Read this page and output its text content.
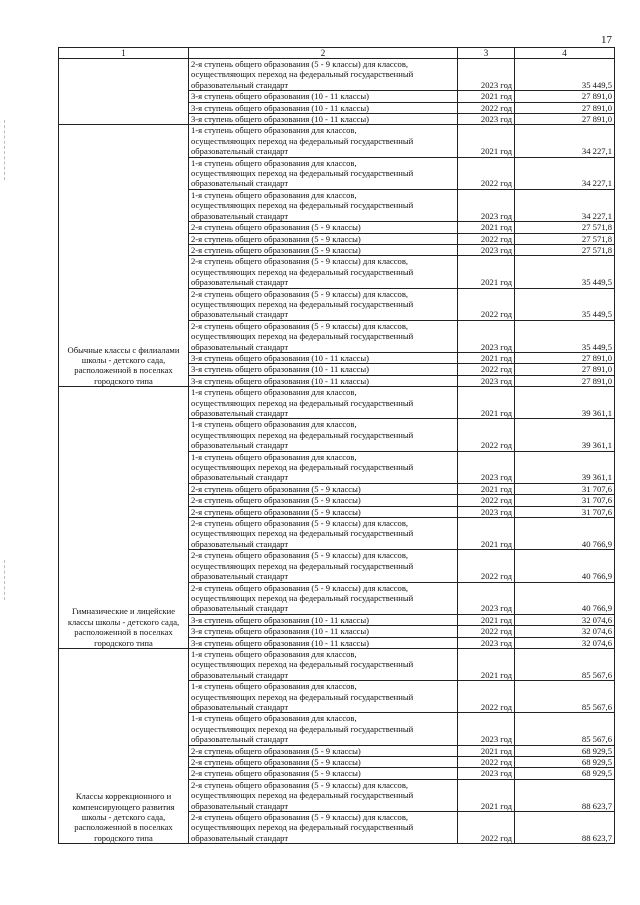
17
1	2	3	4

	2-я ступень общего образования (5 - 9 классы) для классов,
осуществляющих переход на федеральный государственный
образовательный стандарт	2023 год	35 449,5

	3-я ступень общего образования (10 - 11 классы)	2021 год	27 891,0

	3-я ступень общего образования (10 - 11 классы)	2022 год	27 891,0

	3-я ступень общего образования (10 - 11 классы)	2023 год	27 891,0
Обычные классы с филиалами школы - детского сада, расположенной в поселках городского типа	1-я ступень общего образования для классов,
осуществляющих переход на федеральный государственный
образовательный стандарт	2021 год	34 227,1

	1-я ступень общего образования для классов,
осуществляющих переход на федеральный государственный
образовательный стандарт	2022 год	34 227,1

	1-я ступень общего образования для классов,
осуществляющих переход на федеральный государственный
образовательный стандарт	2023 год	34 227,1

	2-я ступень общего образования (5 - 9 классы)	2021 год	27 571,8

	2-я ступень общего образования (5 - 9 классы)	2022 год	27 571,8

	2-я ступень общего образования (5 - 9 классы)	2023 год	27 571,8

	2-я ступень общего образования (5 - 9 классы) для классов,
осуществляющих переход на федеральный государственный
образовательный стандарт	2021 год	35 449,5

	2-я ступень общего образования (5 - 9 классы) для классов,
осуществляющих переход на федеральный государственный
образовательный стандарт	2022 год	35 449,5

	2-я ступень общего образования (5 - 9 классы) для классов,
осуществляющих переход на федеральный государственный
образовательный стандарт	2023 год	35 449,5

	3-я ступень общего образования (10 - 11 классы)	2021 год	27 891,0

	3-я ступень общего образования (10 - 11 классы)	2022 год	27 891,0

	3-я ступень общего образования (10 - 11 классы)	2023 год	27 891,0
Гимназические и лицейские классы школы - детского сада, расположенной в поселках городского типа	1-я ступень общего образования для классов,
осуществляющих переход на федеральный государственный
образовательный стандарт	2021 год	39 361,1

	1-я ступень общего образования для классов,
осуществляющих переход на федеральный государственный
образовательный стандарт	2022 год	39 361,1

	1-я ступень общего образования для классов,
осуществляющих переход на федеральный государственный
образовательный стандарт	2023 год	39 361,1

	2-я ступень общего образования (5 - 9 классы)	2021 год	31 707,6

	2-я ступень общего образования (5 - 9 классы)	2022 год	31 707,6

	2-я ступень общего образования (5 - 9 классы)	2023 год	31 707,6

	2-я ступень общего образования (5 - 9 классы) для классов,
осуществляющих переход на федеральный государственный
образовательный стандарт	2021 год	40 766,9

	2-я ступень общего образования (5 - 9 классы) для классов,
осуществляющих переход на федеральный государственный
образовательный стандарт	2022 год	40 766,9

	2-я ступень общего образования (5 - 9 классы) для классов,
осуществляющих переход на федеральный государственный
образовательный стандарт	2023 год	40 766,9

	3-я ступень общего образования (10 - 11 классы)	2021 год	32 074,6

	3-я ступень общего образования (10 - 11 классы)	2022 год	32 074,6

	3-я ступень общего образования (10 - 11 классы)	2023 год	32 074,6
Классы коррекционного и компенсирующего развития школы - детского сада, расположенной в поселках городского типа	1-я ступень общего образования для классов,
осуществляющих переход на федеральный государственный
образовательный стандарт	2021 год	85 567,6

	1-я ступень общего образования для классов,
осуществляющих переход на федеральный государственный
образовательный стандарт	2022 год	85 567,6

	1-я ступень общего образования для классов,
осуществляющих переход на федеральный государственный
образовательный стандарт	2023 год	85 567,6

	2-я ступень общего образования (5 - 9 классы)	2021 год	68 929,5

	2-я ступень общего образования (5 - 9 классы)	2022 год	68 929,5

	2-я ступень общего образования (5 - 9 классы)	2023 год	68 929,5

	2-я ступень общего образования (5 - 9 классы) для классов,
осуществляющих переход на федеральный государственный
образовательный стандарт	2021 год	88 623,7

	2-я ступень общего образования (5 - 9 классы) для классов,
осуществляющих переход на федеральный государственный
образовательный стандарт	2022 год	88 623,7
